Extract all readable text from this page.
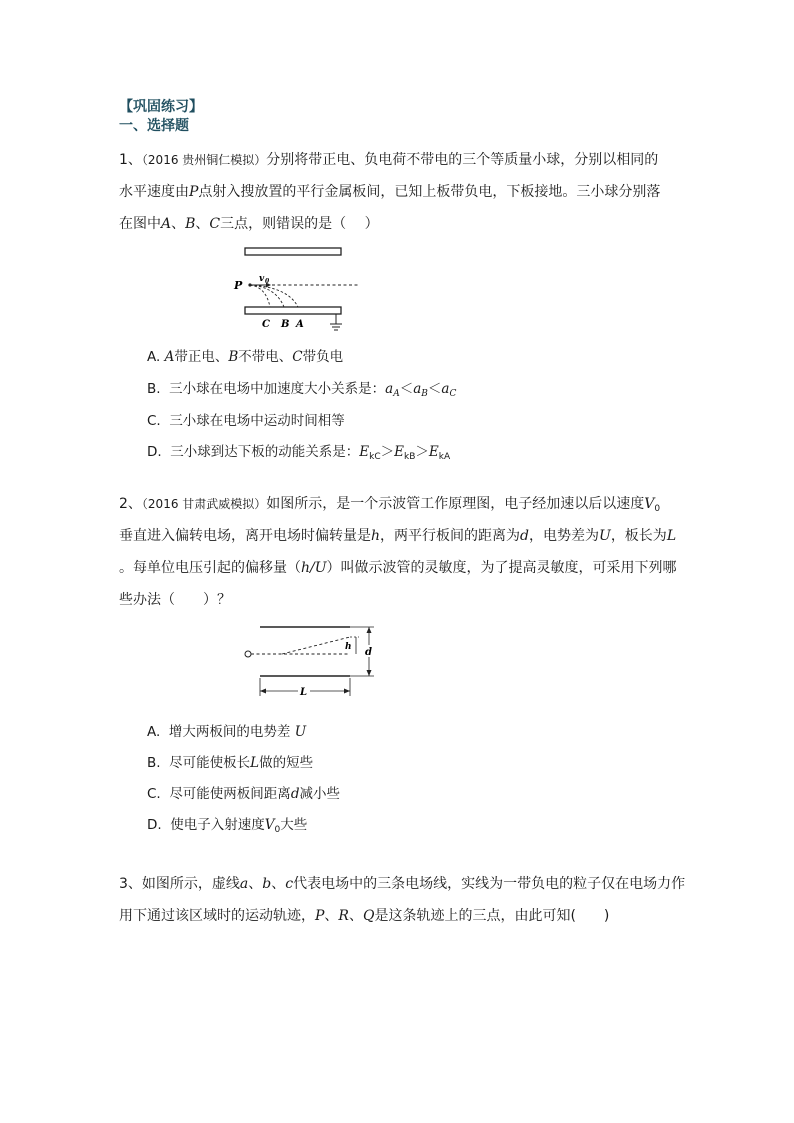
【巩固练习】
一、选择题
1、（2016 贵州铜仁模拟）分别将带正电、负电荷不带电的三个等质量小球，分别以相同的
水平速度由P点射入搜放置的平行金属板间，已知上板带负电，下板接地。三小球分别落
在图中A、B、C三点，则错误的是（　 ）
P v 0
C B A
A. A带正电、B不带电、C带负电
B. 三小球在电场中加速度大小关系是：$a_A<a_B<a_C$
C. 三小球在电场中运动时间相等
D. 三小球到达下板的动能关系是：$E_{kC}>E_{kB}>E_{kA}$
2、（2016 甘肃武威模拟）如图所示，是一个示波管工作原理图，电子经加速以后以速度$V_0$
垂直进入偏转电场，离开电场时偏转量是h，两平行板间的距离为d，电势差为U，板长为L
。每单位电压引起的偏移量（h/U）叫做示波管的灵敏度，为了提高灵敏度，可采用下列哪
些办法（　　）？
h d
L
A. 增大两板间的电势差 U
B. 尽可能使板长L做的短些
C. 尽可能使两板间距离d减小些
D. 使电子入射速度$V_0$大些
3、如图所示，虚线a、b、c代表电场中的三条电场线，实线为一带负电的粒子仅在电场力作
用下通过该区域时的运动轨迹，P、R、Q是这条轨迹上的三点，由此可知(　　)
